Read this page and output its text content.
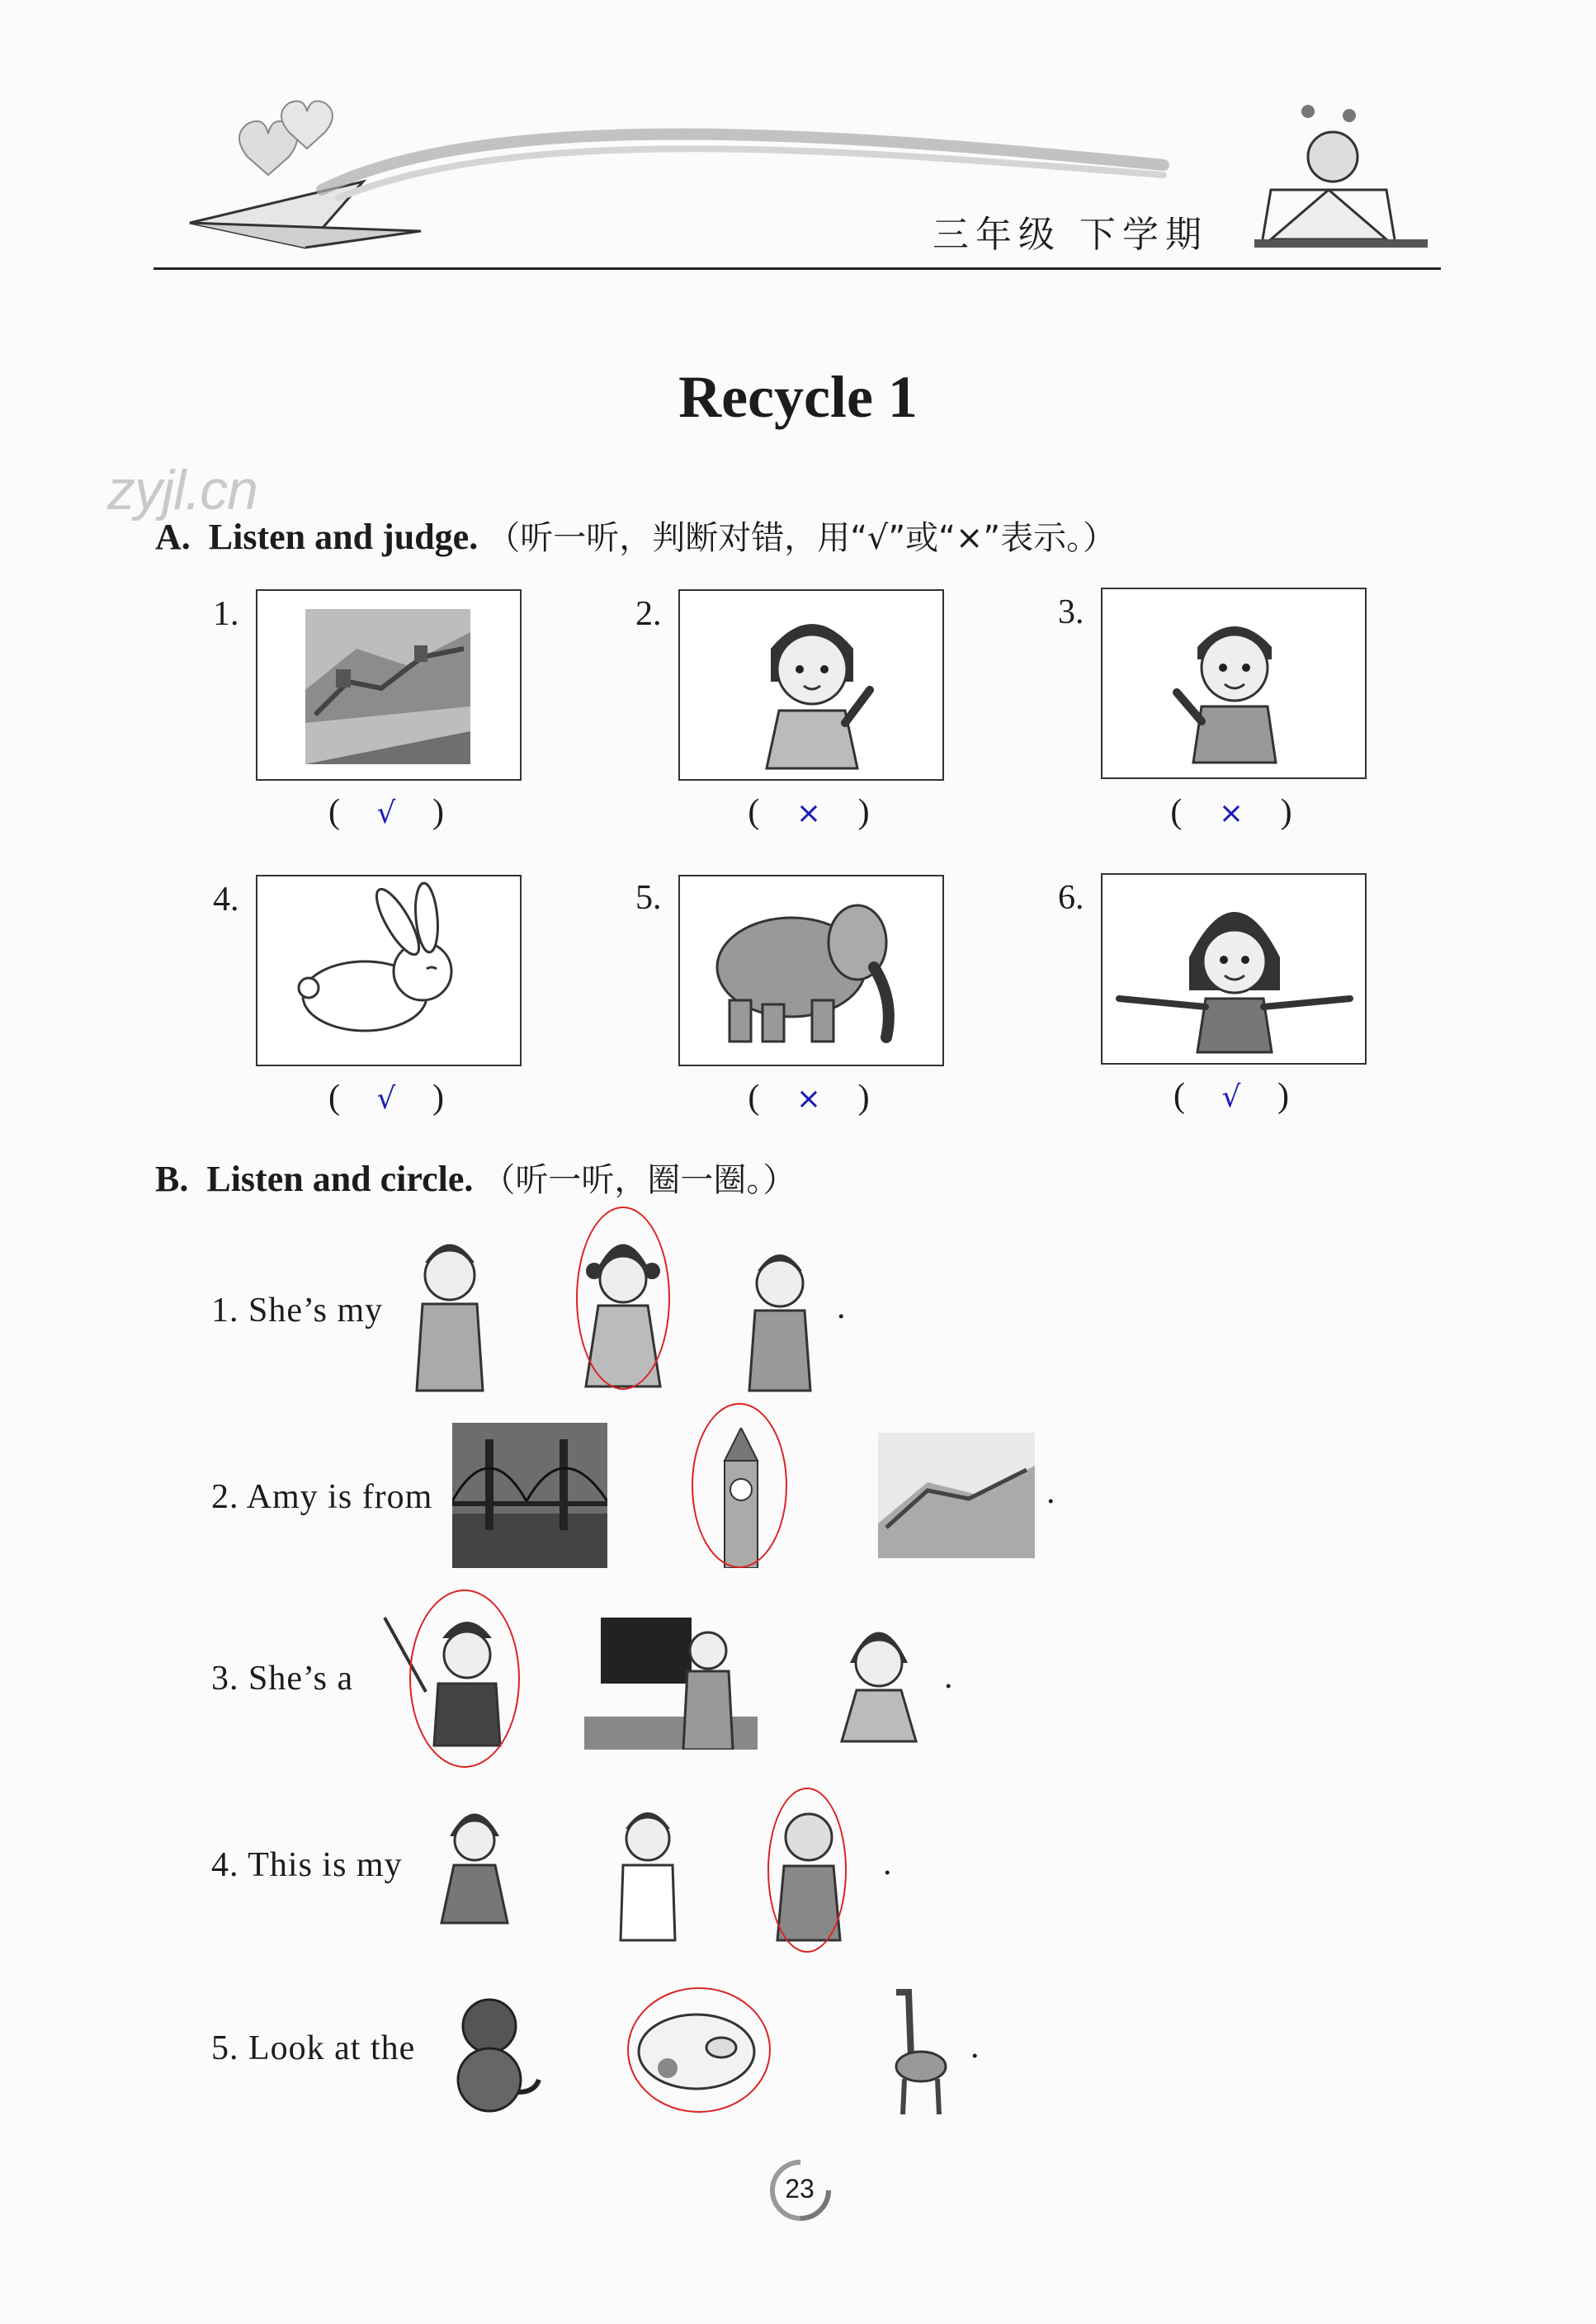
三年级 下学期
Recycle 1
zyjl.cn
A. Listen and judge. （听一听，判断对错，用“√”或“×”表示。）
1.
( √ )
2.
( × )
3.
( × )
4.
( √ )
5.
( × )
6.
( √ )
B. Listen and circle. （听一听，圈一圈。）
1. She’s my	.
2. Amy is from	.
3. She’s a	.
4. This is my	.
5. Look at the	.
23
